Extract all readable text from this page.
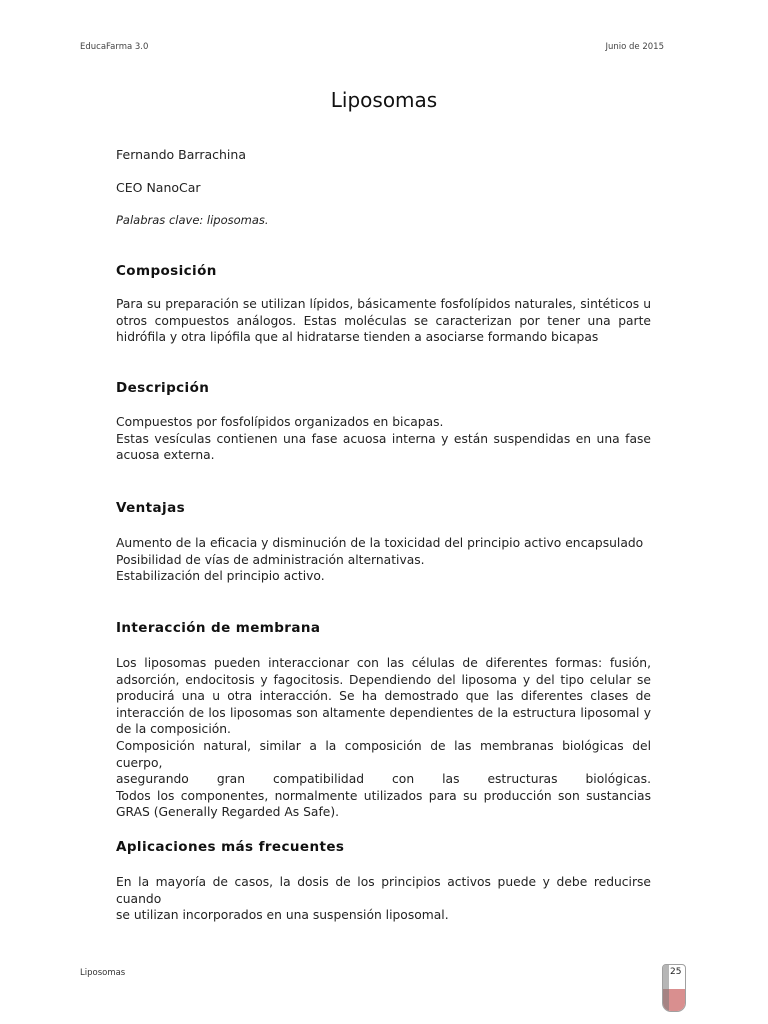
EducaFarma 3.0	Junio de 2015
Liposomas

Fernando Barrachina

CEO NanoCar

Palabras clave: liposomas.

Composición
Para su preparación se utilizan lípidos, básicamente fosfolípidos naturales, sintéticos u
otros compuestos análogos. Estas moléculas se caracterizan por tener una parte
hidrófila y otra lipófila que al hidratarse tienden a asociarse formando bicapas
Descripción
Compuestos por fosfolípidos organizados en bicapas.
Estas vesículas contienen una fase acuosa interna y están suspendidas en una fase
acuosa externa.
Ventajas
Aumento de la eficacia y disminución de la toxicidad del principio activo encapsulado
Posibilidad de vías de administración alternativas.
Estabilización del principio activo.
Interacción de membrana
Los liposomas pueden interaccionar con las células de diferentes formas: fusión,
adsorción, endocitosis y fagocitosis. Dependiendo del liposoma y del tipo celular se
producirá una u otra interacción. Se ha demostrado que las diferentes clases de
interacción de los liposomas son altamente dependientes de la estructura liposomal y
de la composición.
Composición natural, similar a la composición de las membranas biológicas del cuerpo,
asegurando gran compatibilidad con las estructuras biológicas.
Todos los componentes, normalmente utilizados para su producción son sustancias
GRAS (Generally Regarded As Safe).
Aplicaciones más frecuentes
En la mayoría de casos, la dosis de los principios activos puede y debe reducirse cuando
se utilizan incorporados en una suspensión liposomal.
Liposomas	25
